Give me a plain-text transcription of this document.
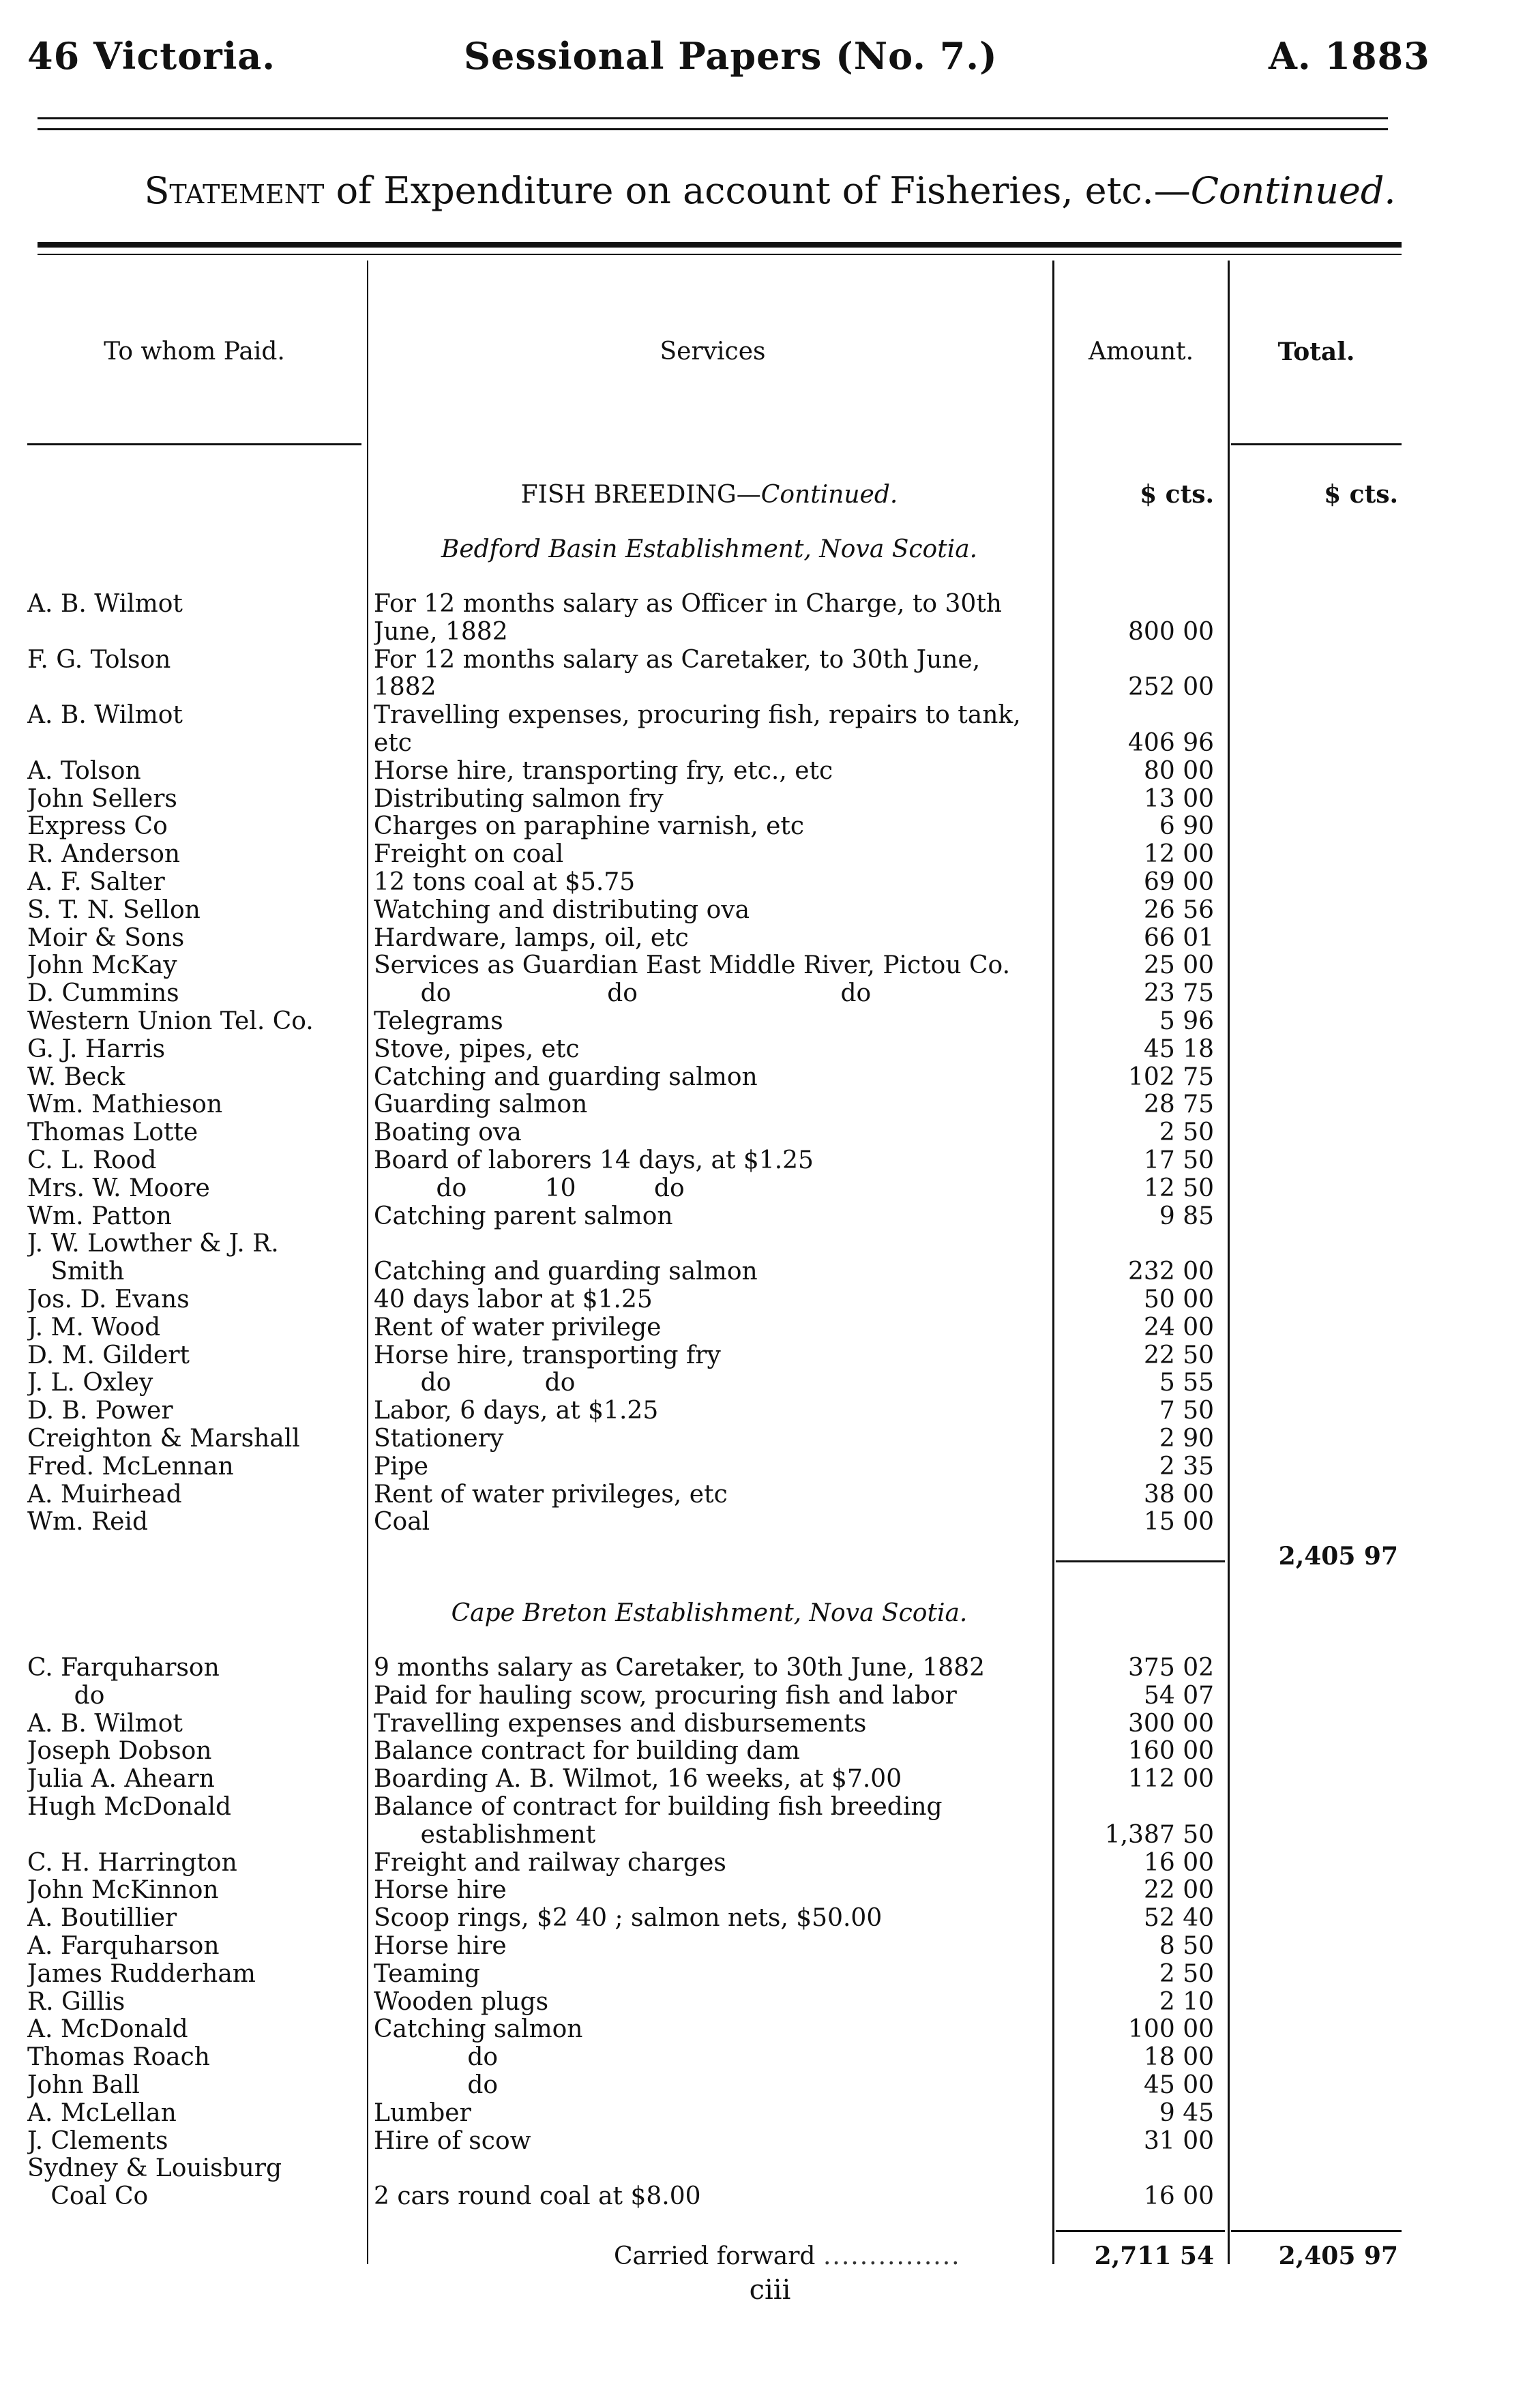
46 Victoria.	Sessional Papers (No. 7.)	A. 1883
Statement of Expenditure on account of Fisheries, etc.—Continued.
To whom Paid.	Services	Amount.	Total.
FISH BREEDING—Continued.	$ cts.	$ cts.
Bedford Basin Establishment, Nova Scotia.
A. B. Wilmot	For 12 months salary as Officer in Charge, to 30th
June, 1882	800 00
F. G. Tolson	For 12 months salary as Caretaker, to 30th June,
1882	252 00
A. B. Wilmot	Travelling expenses, procuring fish, repairs to tank,
etc	406 96
A. Tolson	Horse hire, transporting fry, etc., etc	80 00
John Sellers	Distributing salmon fry	13 00
Express Co	Charges on paraphine varnish, etc	6 90
R. Anderson	Freight on coal	12 00
A. F. Salter	12 tons coal at $5.75	69 00
S. T. N. Sellon	Watching and distributing ova	26 56
Moir & Sons	Hardware, lamps, oil, etc	66 01
John McKay	Services as Guardian East Middle River, Pictou Co.	25 00
D. Cummins	do                    do                          do	23 75
Western Union Tel. Co.	Telegrams	5 96
G. J. Harris	Stove, pipes, etc	45 18
W. Beck	Catching and guarding salmon	102 75
Wm. Mathieson	Guarding salmon	28 75
Thomas Lotte	Boating ova	2 50
C. L. Rood	Board of laborers 14 days, at $1.25	17 50
Mrs. W. Moore	do          10          do	12 50
Wm. Patton	Catching parent salmon	9 85
J. W. Lowther & J. R.
Smith	Catching and guarding salmon	232 00
Jos. D. Evans	40 days labor at $1.25	50 00
J. M. Wood	Rent of water privilege	24 00
D. M. Gildert	Horse hire, transporting fry	22 50
J. L. Oxley	do            do	5 55
D. B. Power	Labor, 6 days, at $1.25	7 50
Creighton & Marshall	Stationery	2 90
Fred. McLennan	Pipe	2 35
A. Muirhead	Rent of water privileges, etc	38 00
Wm. Reid	Coal	15 00
2,405 97
Cape Breton Establishment, Nova Scotia.
C. Farquharson	9 months salary as Caretaker, to 30th June, 1882	375 02
do	Paid for hauling scow, procuring fish and labor	54 07
A. B. Wilmot	Travelling expenses and disbursements	300 00
Joseph Dobson	Balance contract for building dam	160 00
Julia A. Ahearn	Boarding A. B. Wilmot, 16 weeks, at $7.00	112 00
Hugh McDonald	Balance of contract for building fish breeding
establishment	1,387 50
C. H. Harrington	Freight and railway charges	16 00
John McKinnon	Horse hire	22 00
A. Boutillier	Scoop rings, $2 40 ; salmon nets, $50.00	52 40
A. Farquharson	Horse hire	8 50
James Rudderham	Teaming	2 50
R. Gillis	Wooden plugs	2 10
A. McDonald	Catching salmon	100 00
Thomas Roach	do	18 00
John Ball	do	45 00
A. McLellan	Lumber	9 45
J. Clements	Hire of scow	31 00
Sydney & Louisburg
Coal Co	2 cars round coal at $8.00	16 00
Carried forward ...............	2,711 54	2,405 97
ciii
